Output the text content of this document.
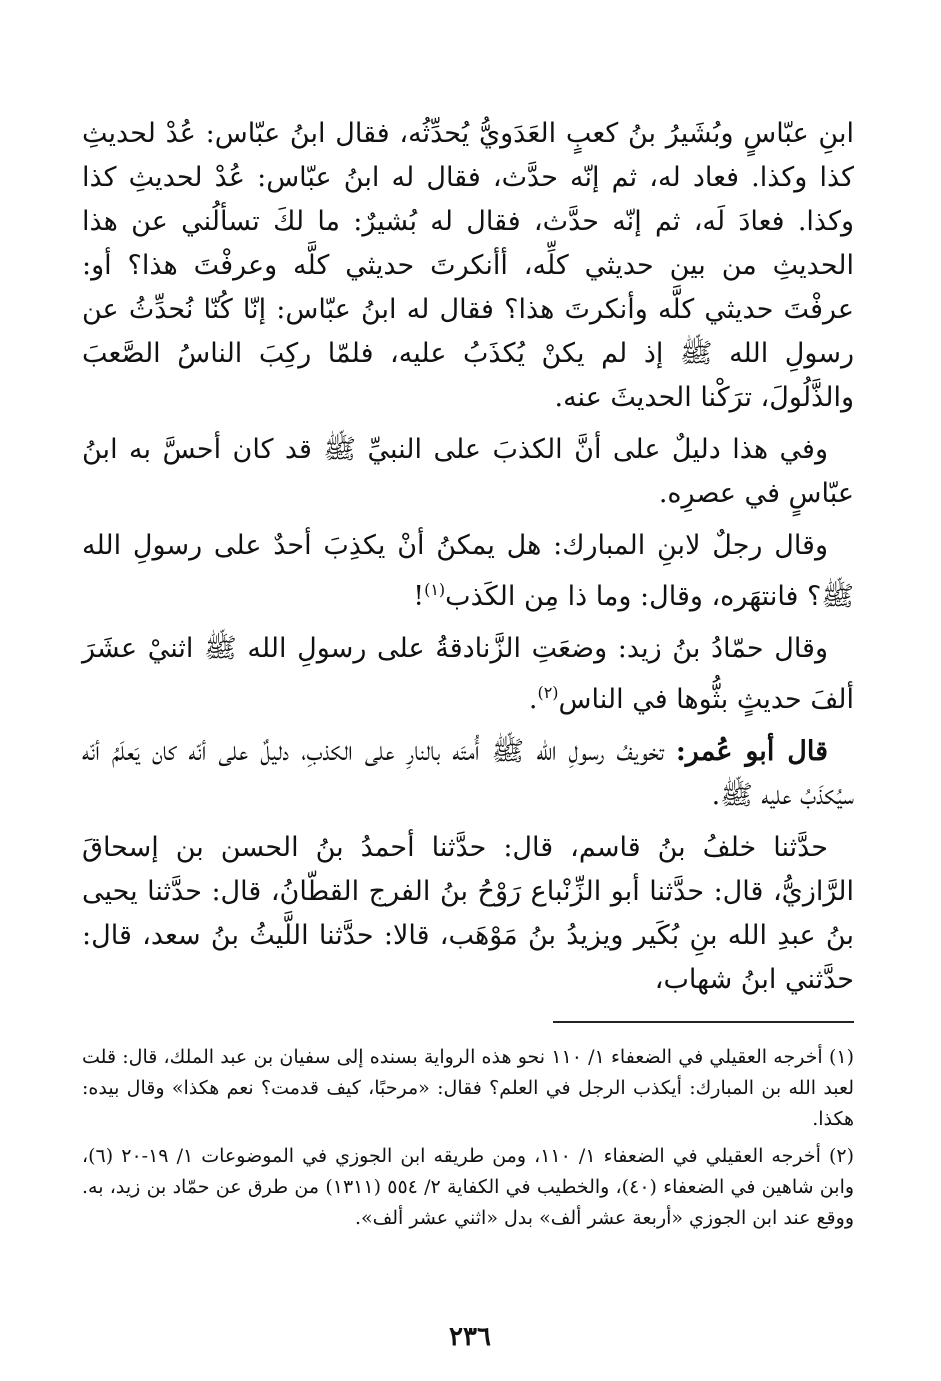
ابنِ عبّاسٍ وبُشَيرُ بنُ كعبٍ العَدَويُّ يُحدِّثُه، فقال ابنُ عبّاس: عُدْ لحديثِ كذا وكذا. فعاد له، ثم إنّه حدَّث، فقال له ابنُ عبّاس: عُدْ لحديثِ كذا وكذا. فعادَ لَه، ثم إنّه حدَّث، فقال له بُشيرٌ: ما لكَ تسألُني عن هذا الحديثِ من بين حديثي كلِّه، أأنكرتَ حديثي كلَّه وعرفْتَ هذا؟ أو: عرفْتَ حديثي كلَّه وأنكرتَ هذا؟ فقال له ابنُ عبّاس: إنّا كُنّا نُحدِّثُ عن رسولِ الله ﷺ إذ لم يكنْ يُكذَبُ عليه، فلمّا ركِبَ الناسُ الصَّعبَ والذَّلُولَ، ترَكْنا الحديثَ عنه.

وفي هذا دليلٌ على أنَّ الكذبَ على النبيِّ ﷺ قد كان أحسَّ به ابنُ عبّاسٍ في عصرِه.

وقال رجلٌ لابنِ المبارك: هل يمكنُ أنْ يكذِبَ أحدٌ على رسولِ الله ﷺ؟ فانتهَره، وقال: وما ذا مِن الكَذب$^{(١)}$!

وقال حمّادُ بنُ زيد: وضعَتِ الزَّنادقةُ على رسولِ الله ﷺ اثنيْ عشَرَ ألفَ حديثٍ بثُّوها في الناس$^{(٢)}$.

قال أبو عُمر: تخويفُ رسولِ الله ﷺ أُمتَه بالنارِ على الكذبِ، دليلٌ على أنّه كان يَعلَمُ أنّه سيُكذَبُ عليه ﷺ.

حدَّثنا خلفُ بنُ قاسم، قال: حدَّثنا أحمدُ بنُ الحسن بن إسحاقَ الرَّازيُّ، قال: حدَّثنا أبو الزِّنْباع رَوْحُ بنُ الفرج القطّانُ، قال: حدَّثنا يحيى بنُ عبدِ الله بنِ بُكَير ويزيدُ بنُ مَوْهَب، قالا: حدَّثنا اللَّيثُ بنُ سعد، قال: حدَّثني ابنُ شهاب،

(١) أخرجه العقيلي في الضعفاء ١/ ١١٠ نحو هذه الرواية بسنده إلى سفيان بن عبد الملك، قال: قلت لعبد الله بن المبارك: أيكذب الرجل في العلم؟ فقال: «مرحبًا، كيف قدمت؟ نعم هكذا» وقال بيده: هكذا.

(٢) أخرجه العقيلي في الضعفاء ١/ ١١٠، ومن طريقه ابن الجوزي في الموضوعات ١/ ١٩-٢٠ (٦)، وابن شاهين في الضعفاء (٤٠)، والخطيب في الكفاية ٢/ ٥٥٤ (١٣١١) من طرق عن حمّاد بن زيد، به. ووقع عند ابن الجوزي «أربعة عشر ألف» بدل «اثني عشر ألف».

٢٣٦
